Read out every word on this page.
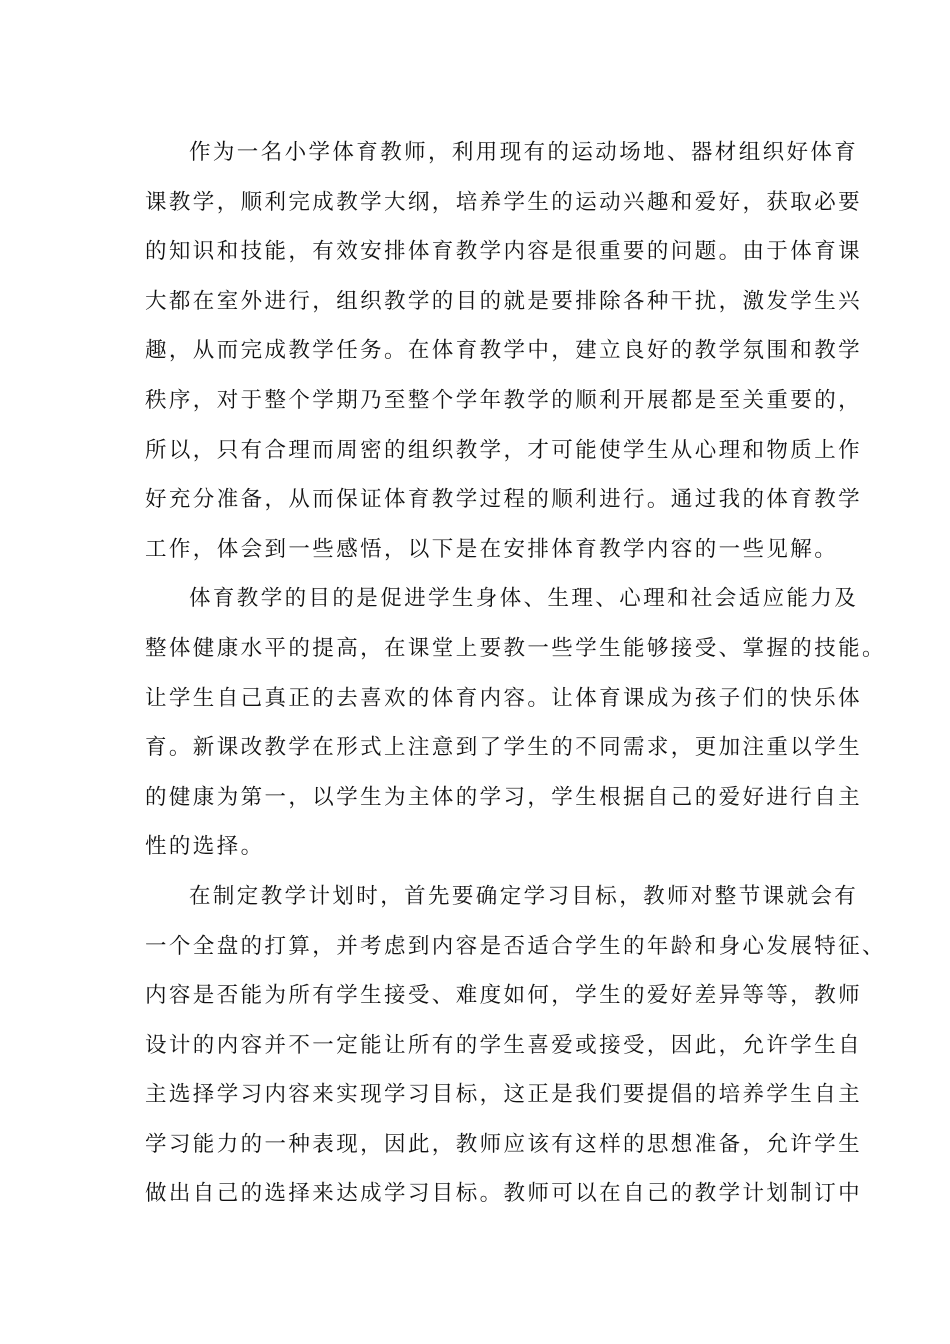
作为一名小学体育教师，利用现有的运动场地、器材组织好体育
课教学，顺利完成教学大纲，培养学生的运动兴趣和爱好，获取必要
的知识和技能，有效安排体育教学内容是很重要的问题。由于体育课
大都在室外进行，组织教学的目的就是要排除各种干扰，激发学生兴
趣，从而完成教学任务。在体育教学中，建立良好的教学氛围和教学
秩序，对于整个学期乃至整个学年教学的顺利开展都是至关重要的，
所以，只有合理而周密的组织教学，才可能使学生从心理和物质上作
好充分准备，从而保证体育教学过程的顺利进行。通过我的体育教学
工作，体会到一些感悟，以下是在安排体育教学内容的一些见解。
体育教学的目的是促进学生身体、生理、心理和社会适应能力及
整体健康水平的提高，在课堂上要教一些学生能够接受、掌握的技能。
让学生自己真正的去喜欢的体育内容。让体育课成为孩子们的快乐体
育。新课改教学在形式上注意到了学生的不同需求，更加注重以学生
的健康为第一，以学生为主体的学习，学生根据自己的爱好进行自主
性的选择。
在制定教学计划时，首先要确定学习目标，教师对整节课就会有
一个全盘的打算，并考虑到内容是否适合学生的年龄和身心发展特征、
内容是否能为所有学生接受、难度如何，学生的爱好差异等等，教师
设计的内容并不一定能让所有的学生喜爱或接受，因此，允许学生自
主选择学习内容来实现学习目标，这正是我们要提倡的培养学生自主
学习能力的一种表现，因此，教师应该有这样的思想准备，允许学生
做出自己的选择来达成学习目标。教师可以在自己的教学计划制订中
